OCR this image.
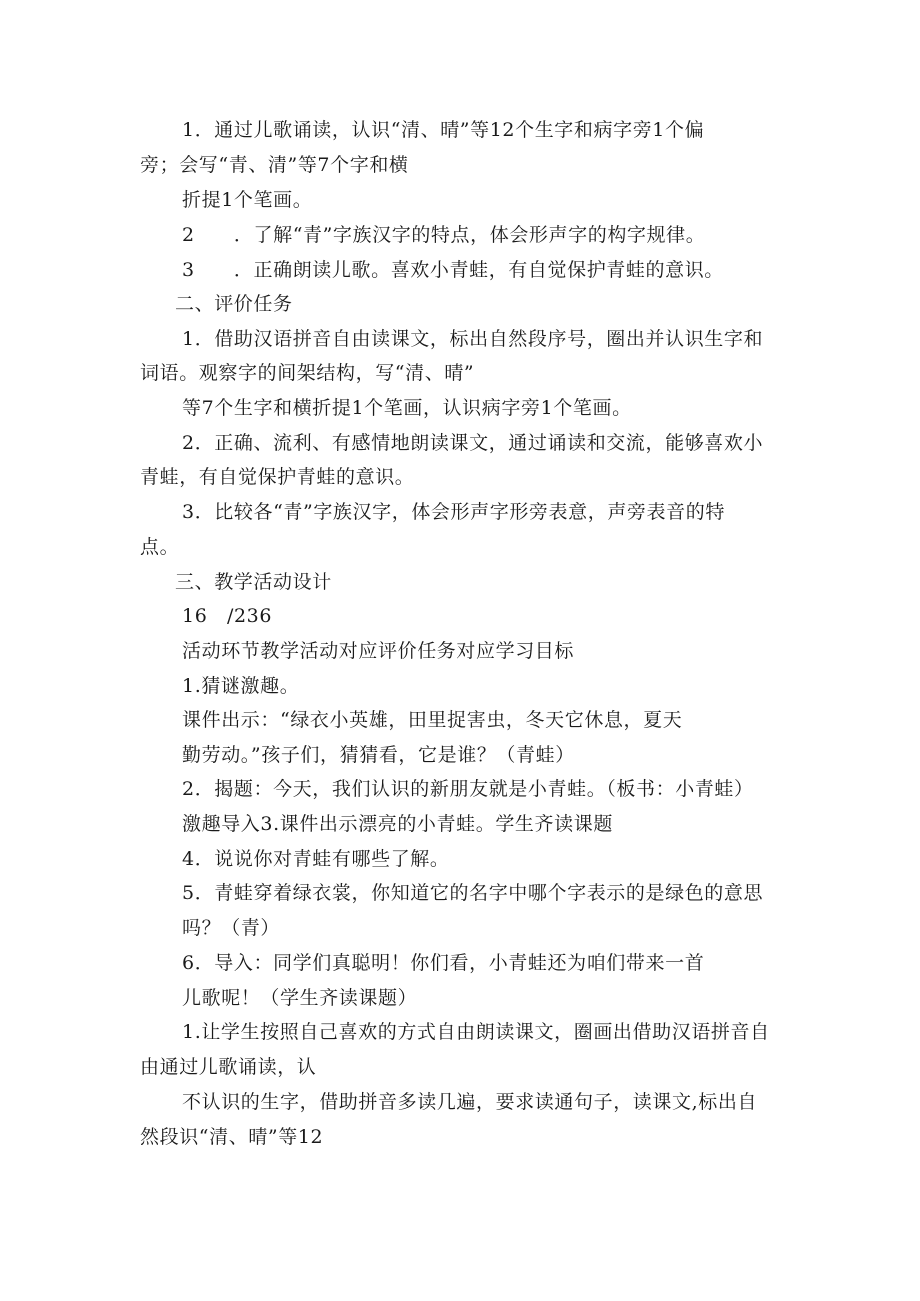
1．通过儿歌诵读，认识“清、晴”等12个生字和病字旁1个偏
旁；会写“青、清”等7个字和横
折提1个笔画。
2　　．了解“青”字族汉字的特点，体会形声字的构字规律。
3　　．正确朗读儿歌。喜欢小青蛙，有自觉保护青蛙的意识。
二、评价任务
1．借助汉语拼音自由读课文，标出自然段序号，圈出并认识生字和
词语。观察字的间架结构，写“清、晴”
等7个生字和横折提1个笔画，认识病字旁1个笔画。
2．正确、流利、有感情地朗读课文，通过诵读和交流，能够喜欢小
青蛙，有自觉保护青蛙的意识。
3．比较各“青”字族汉字，体会形声字形旁表意，声旁表音的特
点。
三、教学活动设计
16　/236
活动环节教学活动对应评价任务对应学习目标
1.猜谜激趣。
课件出示：“绿衣小英雄，田里捉害虫，冬天它休息，夏天
勤劳动。”孩子们，猜猜看，它是谁？（青蛙）
2．揭题：今天，我们认识的新朋友就是小青蛙。（板书：小青蛙）
激趣导入3.课件出示漂亮的小青蛙。学生齐读课题
4．说说你对青蛙有哪些了解。
5．青蛙穿着绿衣裳，你知道它的名字中哪个字表示的是绿色的意思
吗？（青）
6．导入：同学们真聪明！你们看，小青蛙还为咱们带来一首
儿歌呢！（学生齐读课题）
1.让学生按照自己喜欢的方式自由朗读课文，圈画出借助汉语拼音自
由通过儿歌诵读，认
不认识的生字，借助拼音多读几遍，要求读通句子，读课文,标出自
然段识“清、晴”等12
